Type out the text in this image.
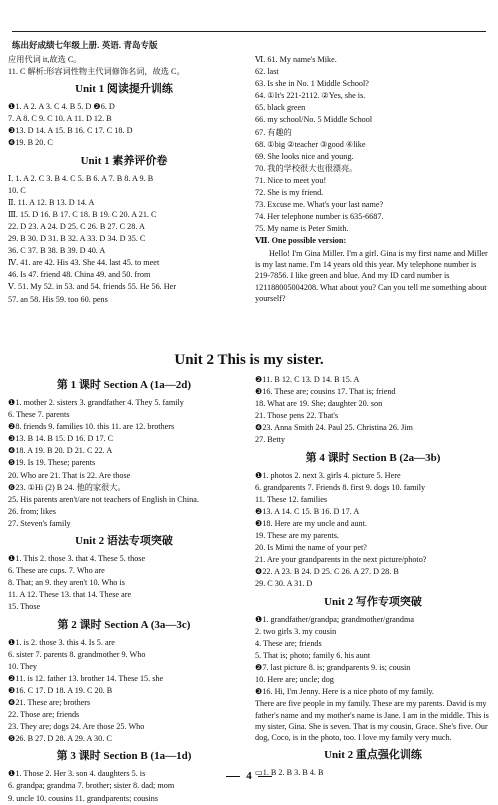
练出好成绩七年级上册. 英语. 青岛专版
应用代词 it,故选 C。
11. C 解析:形容词性物主代词修饰名词，故选 C。
Unit 1 阅读提升训练
❶1. A 2. A 3. C 4. B 5. D ❷6. D
7. A 8. C 9. C 10. A 11. D 12. B
❸13. D 14. A 15. B 16. C 17. C 18. D
❹19. B 20. C
Unit 1 素养评价卷
Ⅰ. 1. A 2. C 3. B 4. C 5. B 6. A 7. B 8. A 9. B
10. C
Ⅱ. 11. A 12. B 13. D 14. A
Ⅲ. 15. D 16. B 17. C 18. B 19. C 20. A 21. C
22. D 23. A 24. D 25. C 26. B 27. C 28. A
29. B 30. D 31. B 32. A 33. D 34. D 35. C
36. C 37. B 38. B 39. D 40. A
Ⅳ. 41. are 42. His 43. She 44. last 45. to meet
46. Is 47. friend 48. China 49. and 50. from
Ⅴ. 51. My 52. in 53. and 54. friends 55. He 56. Her
57. an 58. His 59. too 60. pens
Ⅵ. 61. My name's Mike.
62. last
63. Is she in No. 1 Middle School?
64. ①It's 221-2112. ②Yes, she is.
65. black green
66. my school/No. 5 Middle School
67. 有趣的
68. ①big ②teacher ③good ④like
69. She looks nice and young.
70. 我的学校很大也很漂亮。
71. Nice to meet you!
72. She is my friend.
73. Excuse me. What's your last name?
74. Her telephone number is 635-6687.
75. My name is Peter Smith.
Ⅶ. One possible version:
Hello! I'm Gina Miller. I'm a girl. Gina is my first name and Miller is my last name. I'm 14 years old this year. My telephone number is 219-7856. I like green and blue. And my ID card number is 121188005004208. What about you? Can you tell me something about yourself?
Unit 2 This is my sister.
第 1 课时 Section A (1a—2d)
❶1. mother 2. sisters 3. grandfather 4. They 5. family
6. These 7. parents
❷8. friends 9. families 10. this 11. are 12. brothers
❸13. B 14. B 15. D 16. D 17. C
❹18. A 19. B 20. D 21. C 22. A
❺19. Is 19. These; parents
20. Who are 21. That is 22. Are those
❻23. ①Hi (2) B 24. 他的家很大。
25. His parents aren't/are not teachers of English in China.
26. from; likes
27. Steven's family
Unit 2 语法专项突破
❶1. This 2. those 3. that 4. These 5. those
6. These are cups. 7. Who are
8. That; an 9. they aren't 10. Who is
11. A 12. These 13. that 14. These are
15. Those
第 2 课时 Section A (3a—3c)
❶1. is 2. those 3. this 4. Is 5. are
6. sister 7. parents 8. grandmother 9. Who
10. They
❷11. is 12. father 13. brother 14. These 15. she
❸16. C 17. D 18. A 19. C 20. B
❹21. These are; brothers
22. Those are; friends
23. They are; dogs 24. Are those 25. Who
❺26. B 27. D 28. A 29. A 30. C
第 3 课时 Section B (1a—1d)
❶1. Those 2. Her 3. son 4. daughters 5. is
6. grandpa; grandma 7. brother; sister 8. dad; mom
9. uncle 10. cousins 11. grandparents; cousins
❷11. B 12. C 13. D 14. B 15. A
❸16. These are; cousins 17. That is; friend
18. What are 19. She; daughter 20. son
21. Those pens 22. That's
❹23. Anna Smith 24. Paul 25. Christina 26. Jim
27. Betty
第 4 课时 Section B (2a—3b)
❶1. photos 2. next 3. girls 4. picture 5. Here
6. grandparents 7. Friends 8. first 9. dogs 10. family
11. These 12. families
❷13. A 14. C 15. B 16. D 17. A
❸18. Here are my uncle and aunt.
19. These are my parents.
20. Is Mimi the name of your pet?
21. Are your grandparents in the next picture/photo?
❹22. A 23. B 24. D 25. C 26. A 27. D 28. B
29. C 30. A 31. D
Unit 2 写作专项突破
❶1. grandfather/grandpa; grandmother/grandma
2. two girls 3. my cousin
4. These are; friends
5. That is; photo; family 6. his aunt
❷7. last picture 8. is; grandparents 9. is; cousin
10. Here are; uncle; dog
❸16. Hi, I'm Jenny. Here is a nice photo of my family.
There are five people in my family. These are my parents. David is my father's name and my mother's name is Jane. I am in the middle. This is my sister, Gina. She is seven. That is my cousin, Grace. She's five. Our dog, Coco, is in the photo, too. I love my family very much.
Unit 2 重点强化训练
▭1. B 2. B 3. B 4. B
4
